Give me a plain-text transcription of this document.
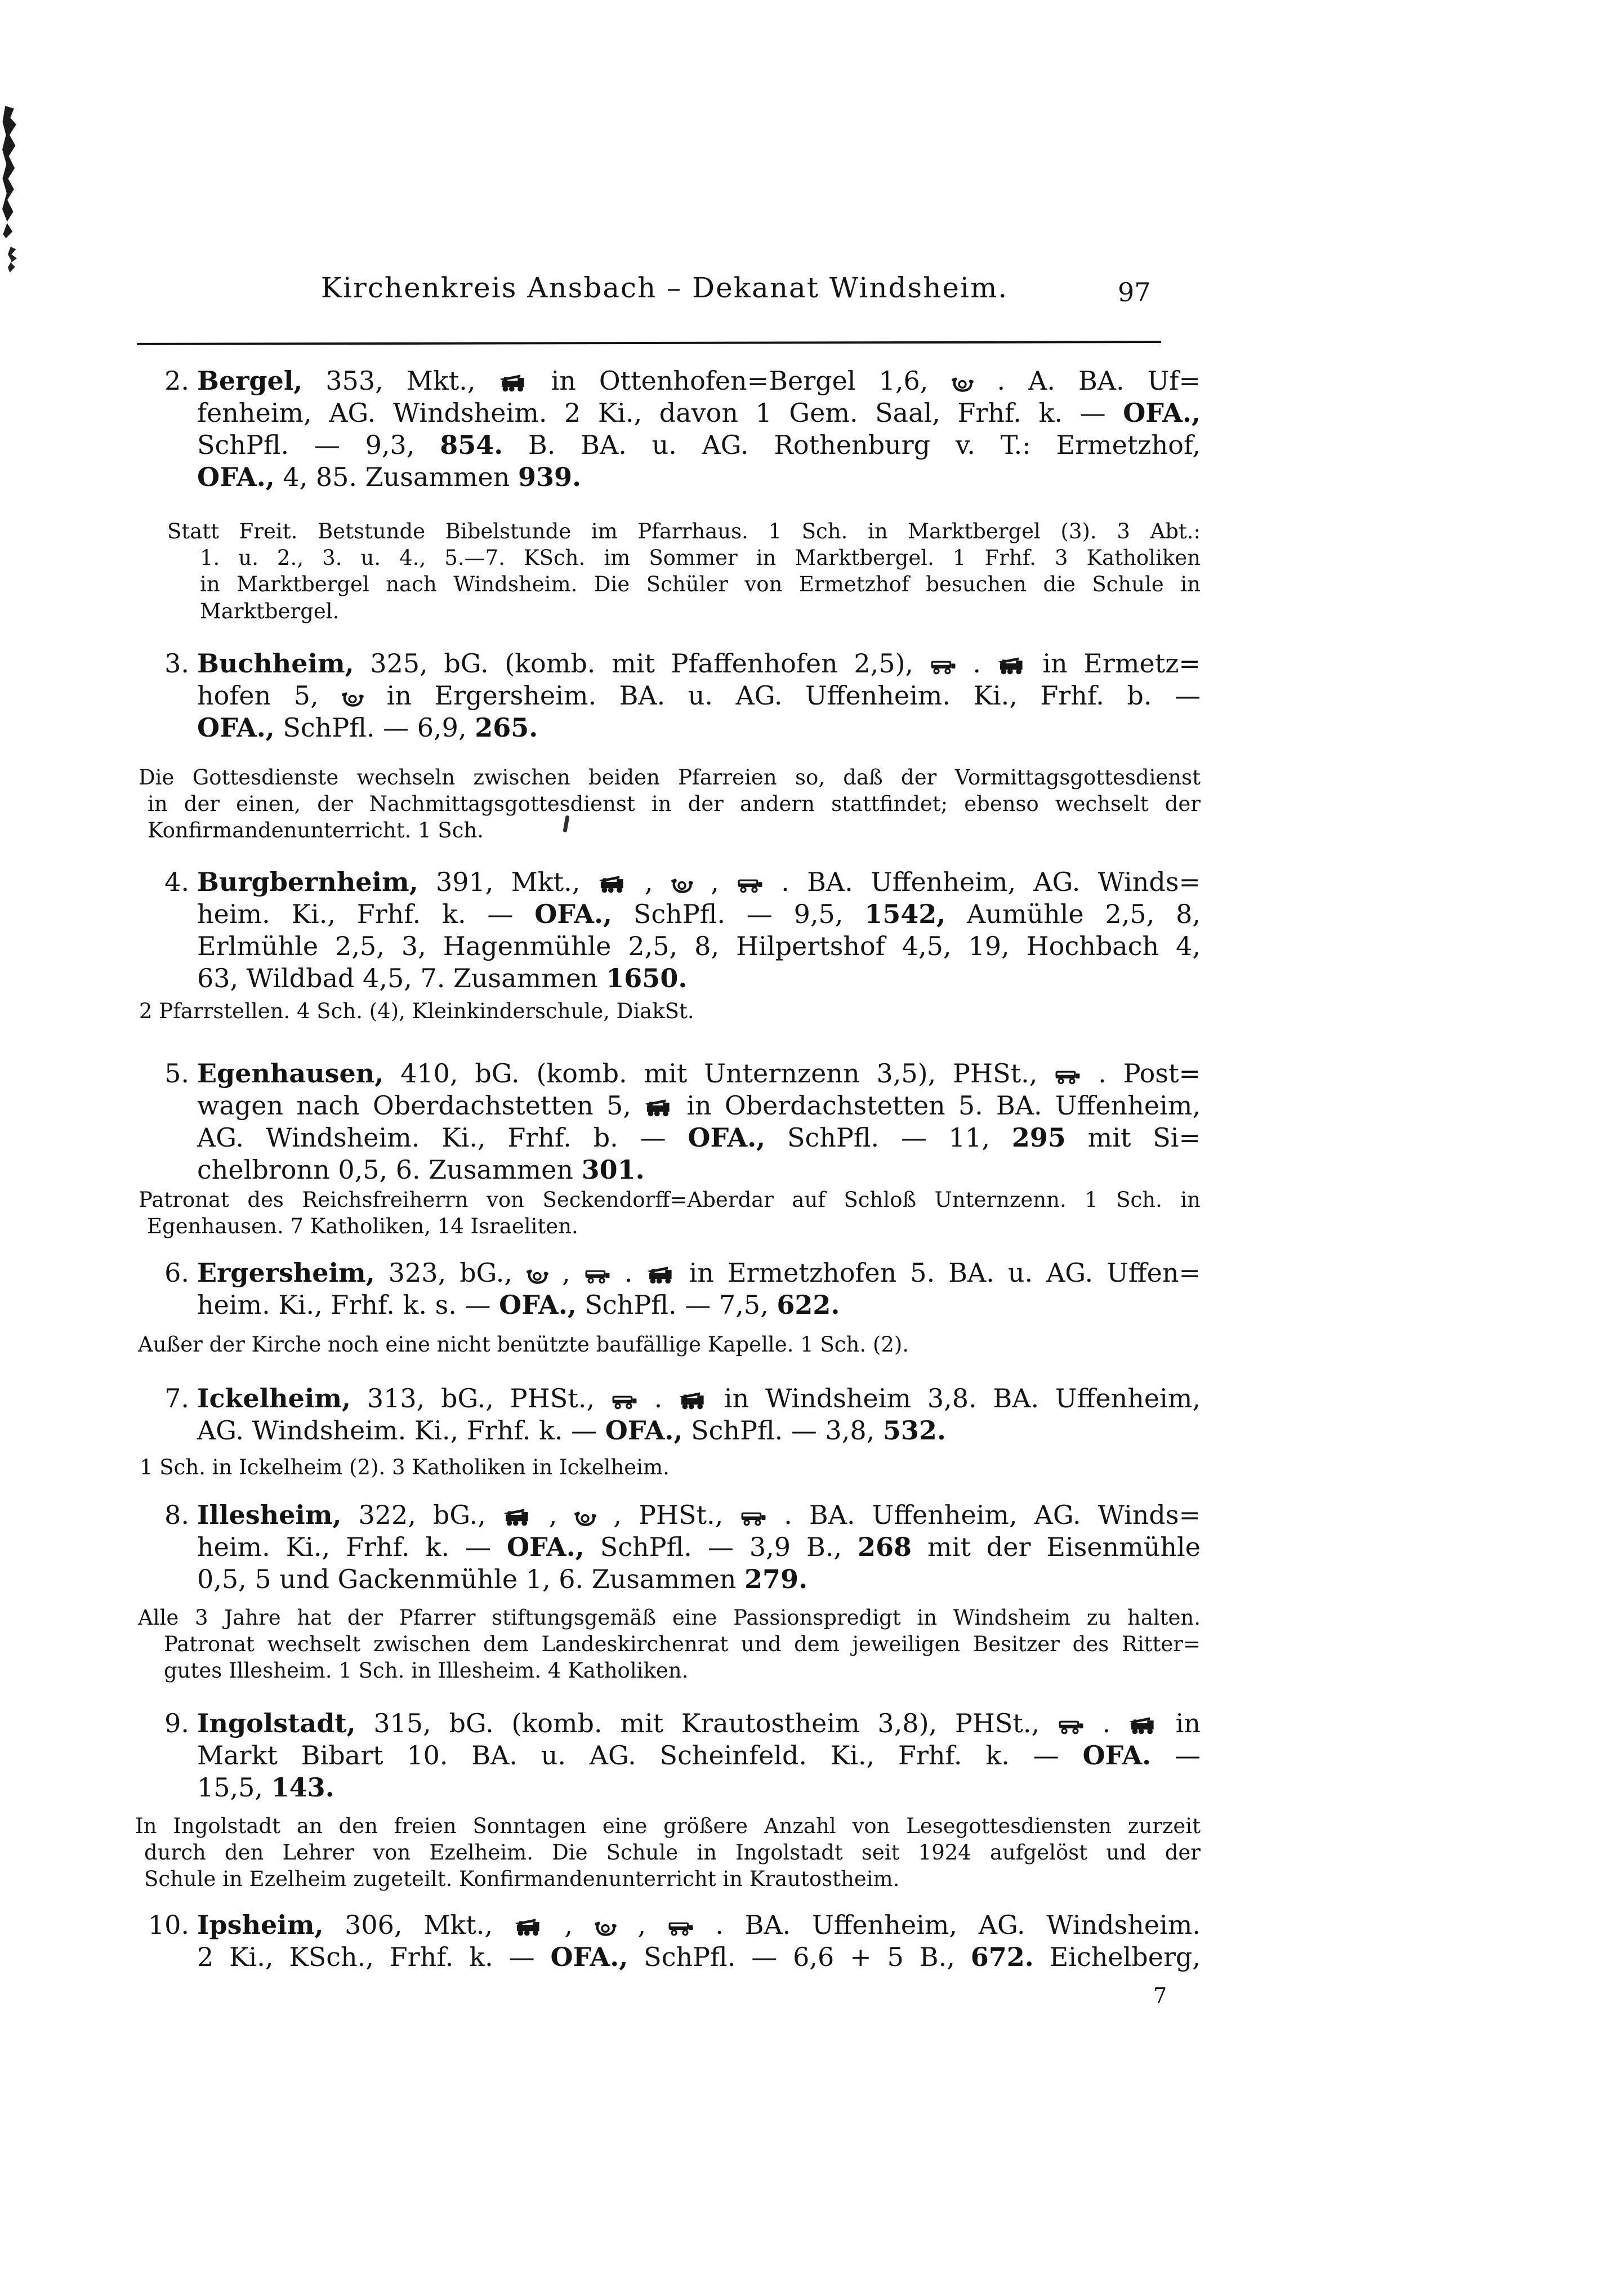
Kirchenkreis Ansbach – Dekanat Windsheim.	97
2. Bergel, 353, Mkt.,
in Ottenhofen=Bergel 1,6,
. A. BA. Uf=
fenheim, AG. Windsheim. 2 Ki., davon 1 Gem. Saal, Frhf. k. — OFA.,
SchPfl. — 9,3, 854. B. BA. u. AG. Rothenburg v. T.: Ermetzhof,
OFA., 4, 85. Zusammen 939.
Statt Freit. Betstunde Bibelstunde im Pfarrhaus. 1 Sch. in Marktbergel (3). 3 Abt.:
1. u. 2., 3. u. 4., 5.—7. KSch. im Sommer in Marktbergel. 1 Frhf. 3 Katholiken
in Marktbergel nach Windsheim. Die Schüler von Ermetzhof besuchen die Schule in
Marktbergel.
3. Buchheim, 325, bG. (komb. mit Pfaffenhofen 2,5),
.
in Ermetz=
hofen 5,
in Ergersheim. BA. u. AG. Uffenheim. Ki., Frhf. b. —
OFA., SchPfl. — 6,9, 265.
Die Gottesdienste wechseln zwischen beiden Pfarreien so, daß der Vormittagsgottesdienst
in der einen, der Nachmittagsgottesdienst in der andern stattfindet; ebenso wechselt der
Konfirmandenunterricht. 1 Sch.
4. Burgbernheim, 391, Mkt.,
,
,
. BA. Uffenheim, AG. Winds=
heim. Ki., Frhf. k. — OFA., SchPfl. — 9,5, 1542, Aumühle 2,5, 8,
Erlmühle 2,5, 3, Hagenmühle 2,5, 8, Hilpertshof 4,5, 19, Hochbach 4,
63, Wildbad 4,5, 7. Zusammen 1650.
2 Pfarrstellen. 4 Sch. (4), Kleinkinderschule, DiakSt.
5. Egenhausen, 410, bG. (komb. mit Unternzenn 3,5), PHSt.,
. Post=
wagen nach Oberdachstetten 5,
in Oberdachstetten 5. BA. Uffenheim,
AG. Windsheim. Ki., Frhf. b. — OFA., SchPfl. — 11, 295 mit Si=
chelbronn 0,5, 6. Zusammen 301.
Patronat des Reichsfreiherrn von Seckendorff=Aberdar auf Schloß Unternzenn. 1 Sch. in
Egenhausen. 7 Katholiken, 14 Israeliten.
6. Ergersheim, 323, bG.,
,
.
in Ermetzhofen 5. BA. u. AG. Uffen=
heim. Ki., Frhf. k. s. — OFA., SchPfl. — 7,5, 622.
Außer der Kirche noch eine nicht benützte baufällige Kapelle. 1 Sch. (2).
7. Ickelheim, 313, bG., PHSt.,
.
in Windsheim 3,8. BA. Uffenheim,
AG. Windsheim. Ki., Frhf. k. — OFA., SchPfl. — 3,8, 532.
1 Sch. in Ickelheim (2). 3 Katholiken in Ickelheim.
8. Illesheim, 322, bG.,
,
, PHSt.,
. BA. Uffenheim, AG. Winds=
heim. Ki., Frhf. k. — OFA., SchPfl. — 3,9 B., 268 mit der Eisenmühle
0,5, 5 und Gackenmühle 1, 6. Zusammen 279.
Alle 3 Jahre hat der Pfarrer stiftungsgemäß eine Passionspredigt in Windsheim zu halten.
Patronat wechselt zwischen dem Landeskirchenrat und dem jeweiligen Besitzer des Ritter=
gutes Illesheim. 1 Sch. in Illesheim. 4 Katholiken.
9. Ingolstadt, 315, bG. (komb. mit Krautostheim 3,8), PHSt.,
.
in
Markt Bibart 10. BA. u. AG. Scheinfeld. Ki., Frhf. k. — OFA. —
15,5, 143.
In Ingolstadt an den freien Sonntagen eine größere Anzahl von Lesegottesdiensten zurzeit
durch den Lehrer von Ezelheim. Die Schule in Ingolstadt seit 1924 aufgelöst und der
Schule in Ezelheim zugeteilt. Konfirmandenunterricht in Krautostheim.
10. Ipsheim, 306, Mkt.,
,
,
. BA. Uffenheim, AG. Windsheim.
2 Ki., KSch., Frhf. k. — OFA., SchPfl. — 6,6 + 5 B., 672. Eichelberg,
7
